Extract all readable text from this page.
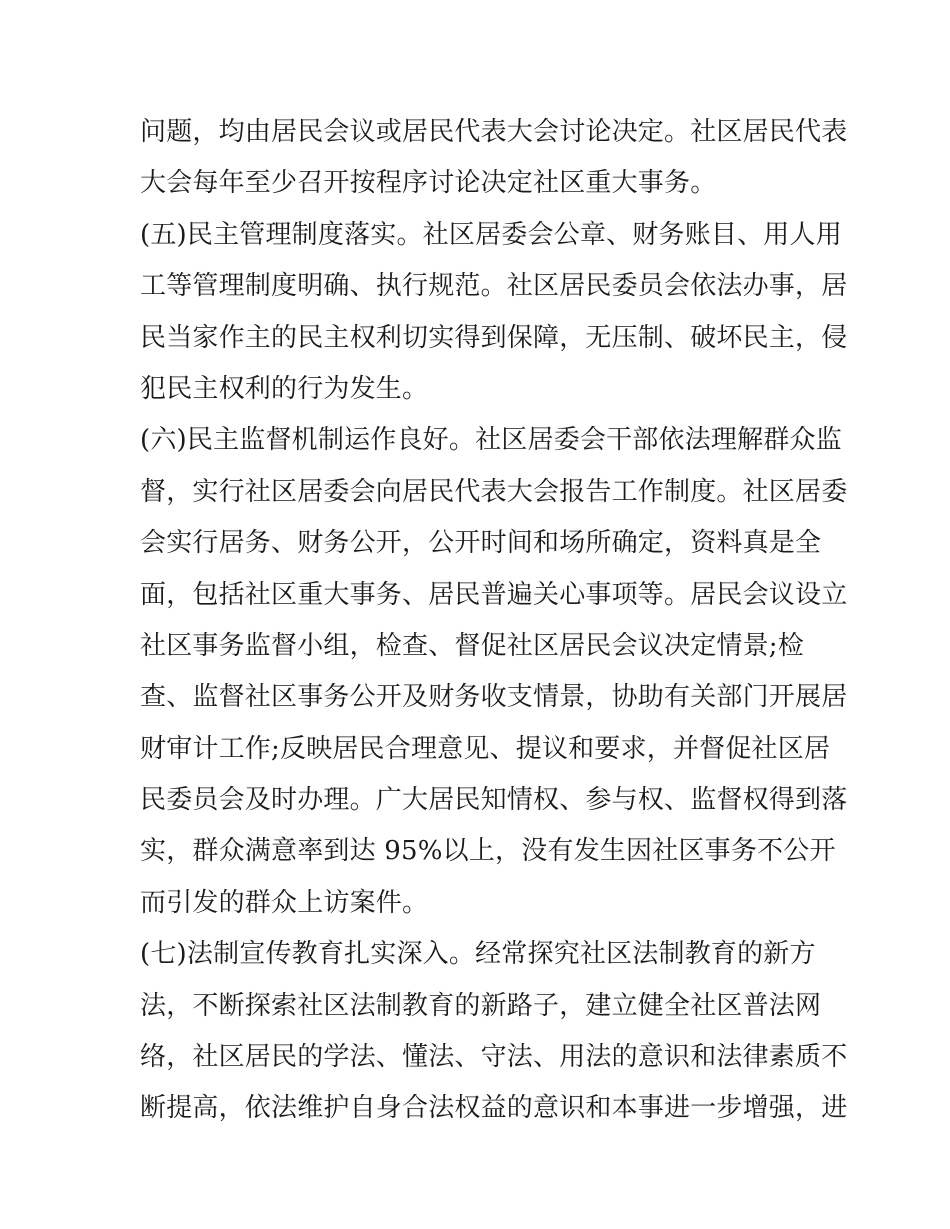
问题，均由居民会议或居民代表大会讨论决定。社区居民代表
大会每年至少召开按程序讨论决定社区重大事务。
(五)民主管理制度落实。社区居委会公章、财务账目、用人用
工等管理制度明确、执行规范。社区居民委员会依法办事，居
民当家作主的民主权利切实得到保障，无压制、破坏民主，侵
犯民主权利的行为发生。
(六)民主监督机制运作良好。社区居委会干部依法理解群众监
督，实行社区居委会向居民代表大会报告工作制度。社区居委
会实行居务、财务公开，公开时间和场所确定，资料真是全
面，包括社区重大事务、居民普遍关心事项等。居民会议设立
社区事务监督小组，检查、督促社区居民会议决定情景;检
查、监督社区事务公开及财务收支情景，协助有关部门开展居
财审计工作;反映居民合理意见、提议和要求，并督促社区居
民委员会及时办理。广大居民知情权、参与权、监督权得到落
实，群众满意率到达 95%以上，没有发生因社区事务不公开
而引发的群众上访案件。
(七)法制宣传教育扎实深入。经常探究社区法制教育的新方
法，不断探索社区法制教育的新路子，建立健全社区普法网
络，社区居民的学法、懂法、守法、用法的意识和法律素质不
断提高，依法维护自身合法权益的意识和本事进一步增强，进
